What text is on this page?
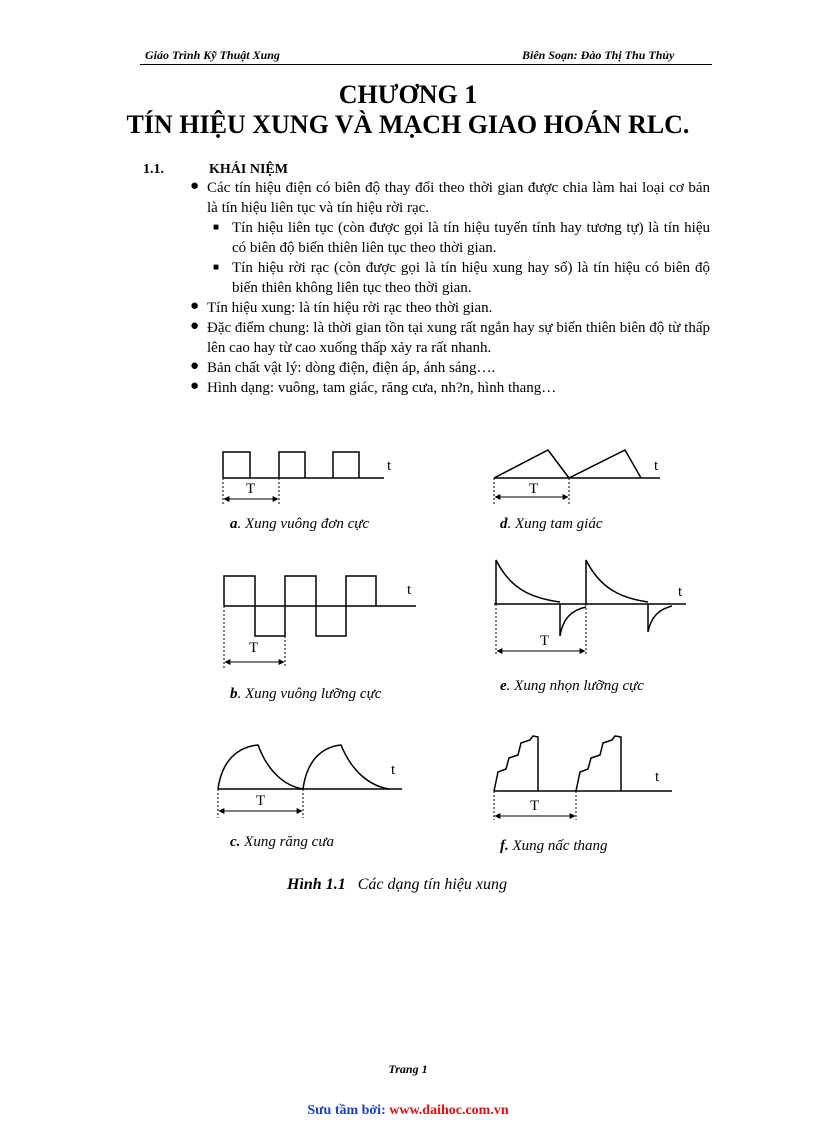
Giáo Trình Kỹ Thuật Xung	Biên Soạn: Đào Thị Thu Thủy
CHƯƠNG 1
TÍN HIỆU XUNG VÀ MẠCH GIAO HOÁN RLC.
1.1.	KHÁI NIỆM
● Các tín hiệu điện có biên độ thay đổi theo thời gian được chia làm hai loại cơ bản là tín hiệu liên tục và tín hiệu rời rạc.

■ Tín hiệu liên tục (còn được gọi là tín hiệu tuyến tính hay tương tự) là tín hiệu có biên độ biến thiên liên tục theo thời gian.

■ Tín hiệu rời rạc (còn được gọi là tín hiệu xung hay số) là tín hiệu có biên độ biến thiên không liên tục theo thời gian.

● Tín hiệu xung: là tín hiệu rời rạc theo thời gian.

● Đặc điểm chung: là thời gian tồn tại xung rất ngắn hay sự biến thiên biên độ từ thấp lên cao hay từ cao xuống thấp xảy ra rất nhanh.

● Bản chất vật lý: dòng điện, điện áp, ánh sáng….

● Hình dạng: vuông, tam giác, răng cưa, nh?n, hình thang…

t
T
t
T
t
T
t
T
t
T
t
T
a. Xung vuông đơn cực
b. Xung vuông lưỡng cực
c. Xung răng cưa
d. Xung tam giác
e. Xung nhọn lưỡng cực
f. Xung nấc thang
Hình 1.1 Các dạng tín hiệu xung
Trang 1
Sưu tầm bởi: www.daihoc.com.vn
